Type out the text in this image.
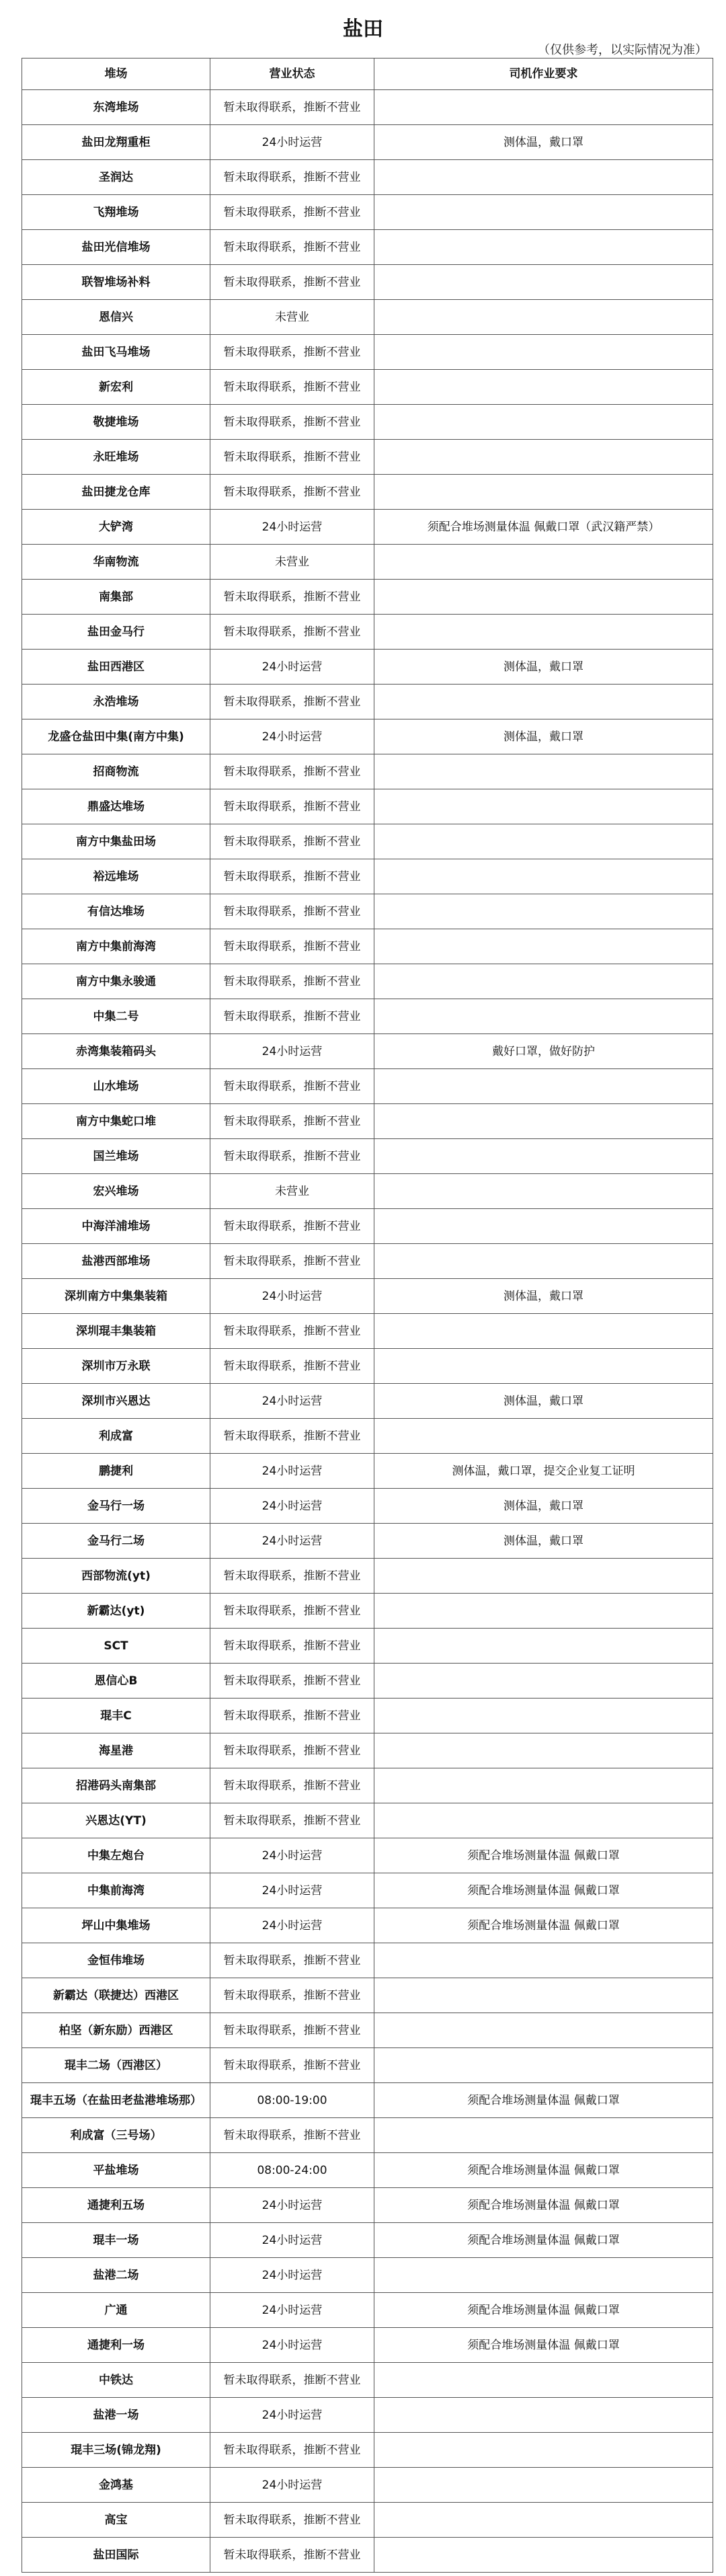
盐田
（仅供参考，以实际情况为准）
堆场	营业状态	司机作业要求
东湾堆场	暂未取得联系，推断不营业	
盐田龙翔重柜	24小时运营	测体温，戴口罩
圣润达	暂未取得联系，推断不营业	
飞翔堆场	暂未取得联系，推断不营业	
盐田光信堆场	暂未取得联系，推断不营业	
联智堆场补料	暂未取得联系，推断不营业	
恩信兴	未营业	
盐田飞马堆场	暂未取得联系，推断不营业	
新宏利	暂未取得联系，推断不营业	
敬捷堆场	暂未取得联系，推断不营业	
永旺堆场	暂未取得联系，推断不营业	
盐田捷龙仓库	暂未取得联系，推断不营业	
大铲湾	24小时运营	须配合堆场测量体温 佩戴口罩（武汉籍严禁）
华南物流	未营业	
南集部	暂未取得联系，推断不营业	
盐田金马行	暂未取得联系，推断不营业	
盐田西港区	24小时运营	测体温，戴口罩
永浩堆场	暂未取得联系，推断不营业	
龙盛仓盐田中集(南方中集)	24小时运营	测体温，戴口罩
招商物流	暂未取得联系，推断不营业	
鼎盛达堆场	暂未取得联系，推断不营业	
南方中集盐田场	暂未取得联系，推断不营业	
裕远堆场	暂未取得联系，推断不营业	
有信达堆场	暂未取得联系，推断不营业	
南方中集前海湾	暂未取得联系，推断不营业	
南方中集永骏通	暂未取得联系，推断不营业	
中集二号	暂未取得联系，推断不营业	
赤湾集装箱码头	24小时运营	戴好口罩，做好防护
山水堆场	暂未取得联系，推断不营业	
南方中集蛇口堆	暂未取得联系，推断不营业	
国兰堆场	暂未取得联系，推断不营业	
宏兴堆场	未营业	
中海洋浦堆场	暂未取得联系，推断不营业	
盐港西部堆场	暂未取得联系，推断不营业	
深圳南方中集集装箱	24小时运营	测体温，戴口罩
深圳琨丰集装箱	暂未取得联系，推断不营业	
深圳市万永联	暂未取得联系，推断不营业	
深圳市兴恩达	24小时运营	测体温，戴口罩
利成富	暂未取得联系，推断不营业	
鹏捷利	24小时运营	测体温，戴口罩，提交企业复工证明
金马行一场	24小时运营	测体温，戴口罩
金马行二场	24小时运营	测体温，戴口罩
西部物流(yt)	暂未取得联系，推断不营业	
新霸达(yt)	暂未取得联系，推断不营业	
SCT	暂未取得联系，推断不营业	
恩信心B	暂未取得联系，推断不营业	
琨丰C	暂未取得联系，推断不营业	
海星港	暂未取得联系，推断不营业	
招港码头南集部	暂未取得联系，推断不营业	
兴恩达(YT)	暂未取得联系，推断不营业	
中集左炮台	24小时运营	须配合堆场测量体温 佩戴口罩
中集前海湾	24小时运营	须配合堆场测量体温 佩戴口罩
坪山中集堆场	24小时运营	须配合堆场测量体温 佩戴口罩
金恒伟堆场	暂未取得联系，推断不营业	
新霸达（联捷达）西港区	暂未取得联系，推断不营业	
柏坚（新东励）西港区	暂未取得联系，推断不营业	
琨丰二场（西港区）	暂未取得联系，推断不营业	
琨丰五场（在盐田老盐港堆场那）	08:00-19:00	须配合堆场测量体温 佩戴口罩
利成富（三号场）	暂未取得联系，推断不营业	
平盐堆场	08:00-24:00	须配合堆场测量体温 佩戴口罩
通捷利五场	24小时运营	须配合堆场测量体温 佩戴口罩
琨丰一场	24小时运营	须配合堆场测量体温 佩戴口罩
盐港二场	24小时运营	
广通	24小时运营	须配合堆场测量体温 佩戴口罩
通捷利一场	24小时运营	须配合堆场测量体温 佩戴口罩
中铁达	暂未取得联系，推断不营业	
盐港一场	24小时运营	
琨丰三场(锦龙翔)	暂未取得联系，推断不营业	
金鸿基	24小时运营	
高宝	暂未取得联系，推断不营业	
盐田国际	暂未取得联系，推断不营业	
